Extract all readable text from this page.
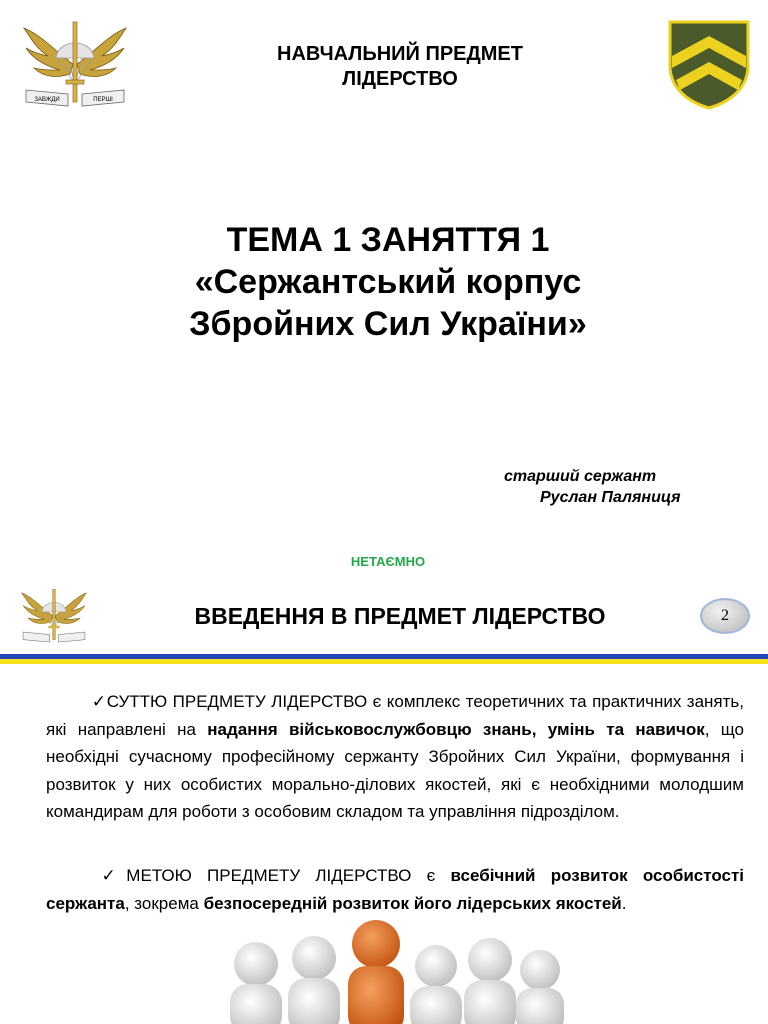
ЗАВЖДИ	ПЕРШІ
НАВЧАЛЬНИЙ ПРЕДМЕТ
ЛІДЕРСТВО
ТЕМА 1 ЗАНЯТТЯ 1
«Сержантський корпус
Збройних Сил України»
старший сержант
Руслан Паляниця
НЕТАЄМНО
ВВЕДЕННЯ В ПРЕДМЕТ ЛІДЕРСТВО	2
✓СУТТЮ ПРЕДМЕТУ ЛІДЕРСТВО є комплекс теоретичних та практичних занять, які направлені на надання військовослужбовцю знань, умінь та навичок, що необхідні сучасному професійному сержанту Збройних Сил України, формування і розвиток у них особистих морально-ділових якостей, які є необхідними молодшим командирам для роботи з особовим складом та управління підрозділом.
✓МЕТОЮ ПРЕДМЕТУ ЛІДЕРСТВО є всебічний розвиток особистості сержанта, зокрема безпосередній розвиток його лідерських якостей.
